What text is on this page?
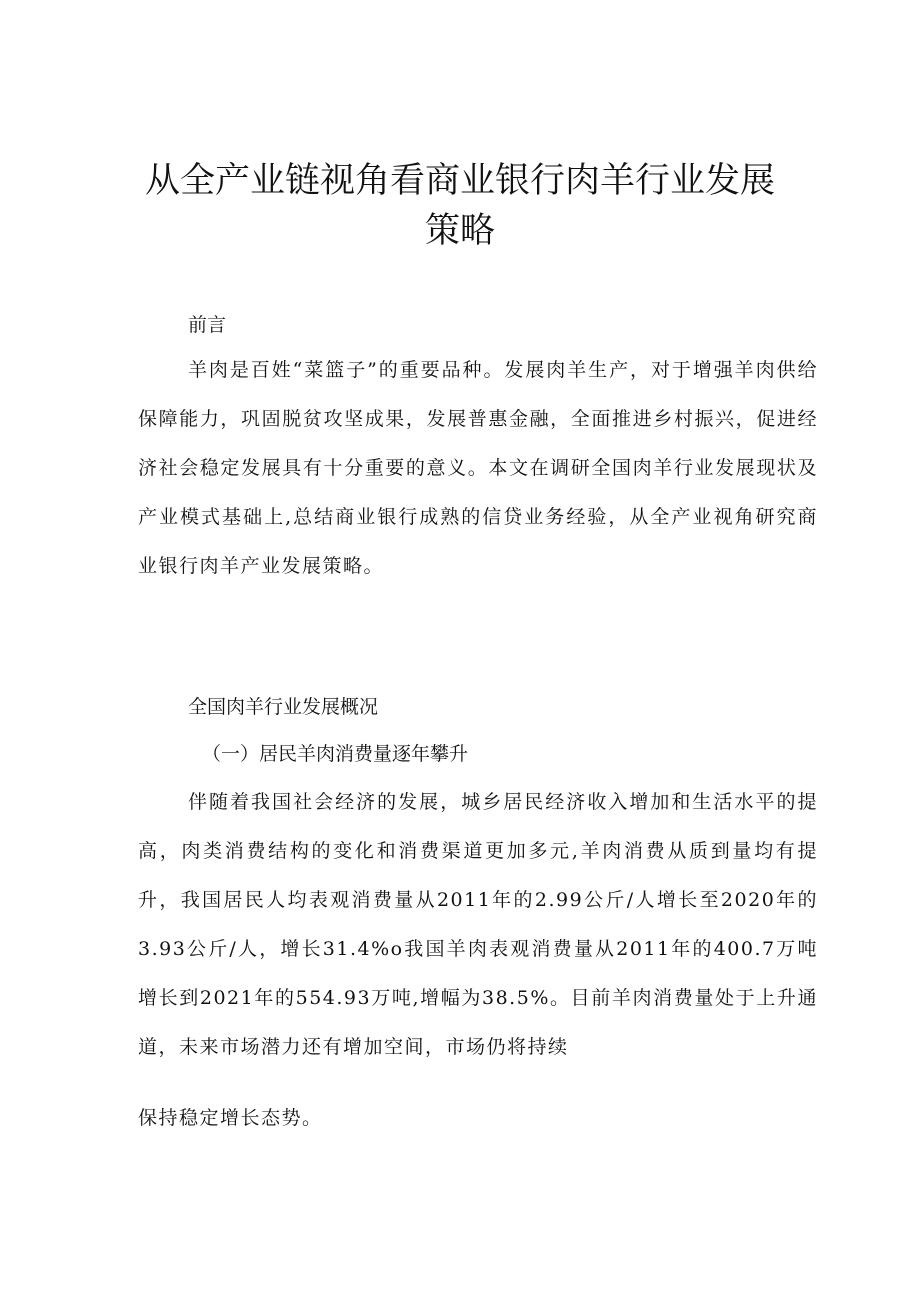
从全产业链视角看商业银行肉羊行业发展
策略

前言

羊肉是百姓“菜篮子”的重要品种。发展肉羊生产，对于增强羊肉供给保障能力，巩固脱贫攻坚成果，发展普惠金融，全面推进乡村振兴，促进经济社会稳定发展具有十分重要的意义。本文在调研全国肉羊行业发展现状及产业模式基础上,总结商业银行成熟的信贷业务经验，从全产业视角研究商业银行肉羊产业发展策略。

全国肉羊行业发展概况

（一）居民羊肉消费量逐年攀升

伴随着我国社会经济的发展，城乡居民经济收入增加和生活水平的提高，肉类消费结构的变化和消费渠道更加多元,羊肉消费从质到量均有提升，我国居民人均表观消费量从2011年的2.99公斤/人增长至2020年的3.93公斤/人，增长31.4%o我国羊肉表观消费量从2011年的400.7万吨增长到2021年的554.93万吨,增幅为38.5%。目前羊肉消费量处于上升通道，未来市场潜力还有增加空间，市场仍将持续

保持稳定增长态势。
